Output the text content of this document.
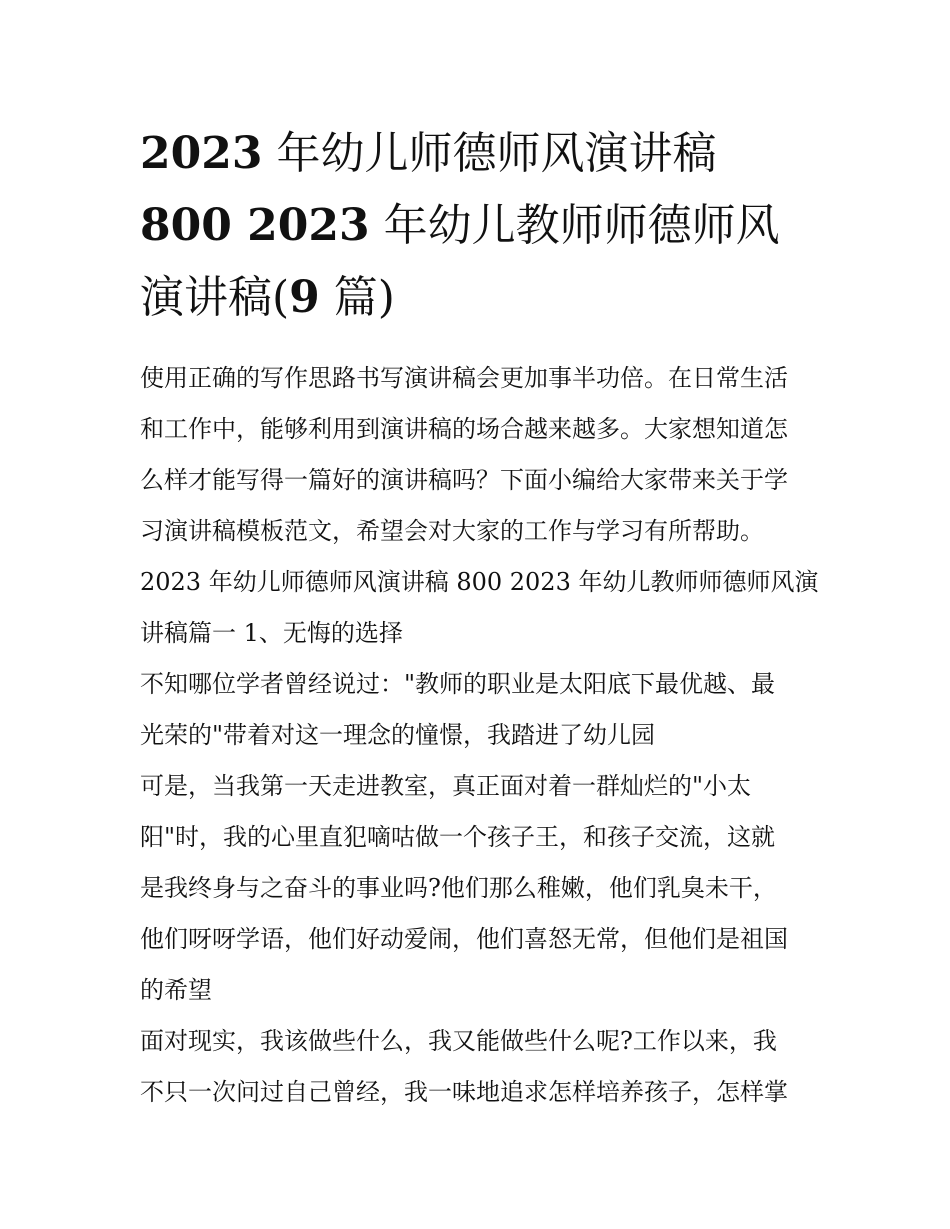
2023 年幼儿师德师风演讲稿
800 2023 年幼儿教师师德师风
演讲稿(9 篇)
使用正确的写作思路书写演讲稿会更加事半功倍。在日常生活
和工作中，能够利用到演讲稿的场合越来越多。大家想知道怎
么样才能写得一篇好的演讲稿吗？下面小编给大家带来关于学
习演讲稿模板范文，希望会对大家的工作与学习有所帮助。
2023 年幼儿师德师风演讲稿 800 2023 年幼儿教师师德师风演
讲稿篇一 1、无悔的选择
不知哪位学者曾经说过："教师的职业是太阳底下最优越、最
光荣的"带着对这一理念的憧憬，我踏进了幼儿园
可是，当我第一天走进教室，真正面对着一群灿烂的"小太
阳"时，我的心里直犯嘀咕做一个孩子王，和孩子交流，这就
是我终身与之奋斗的事业吗?他们那么稚嫩，他们乳臭未干，
他们呀呀学语，他们好动爱闹，他们喜怒无常，但他们是祖国
的希望
面对现实，我该做些什么，我又能做些什么呢?工作以来，我
不只一次问过自己曾经，我一味地追求怎样培养孩子，怎样掌
